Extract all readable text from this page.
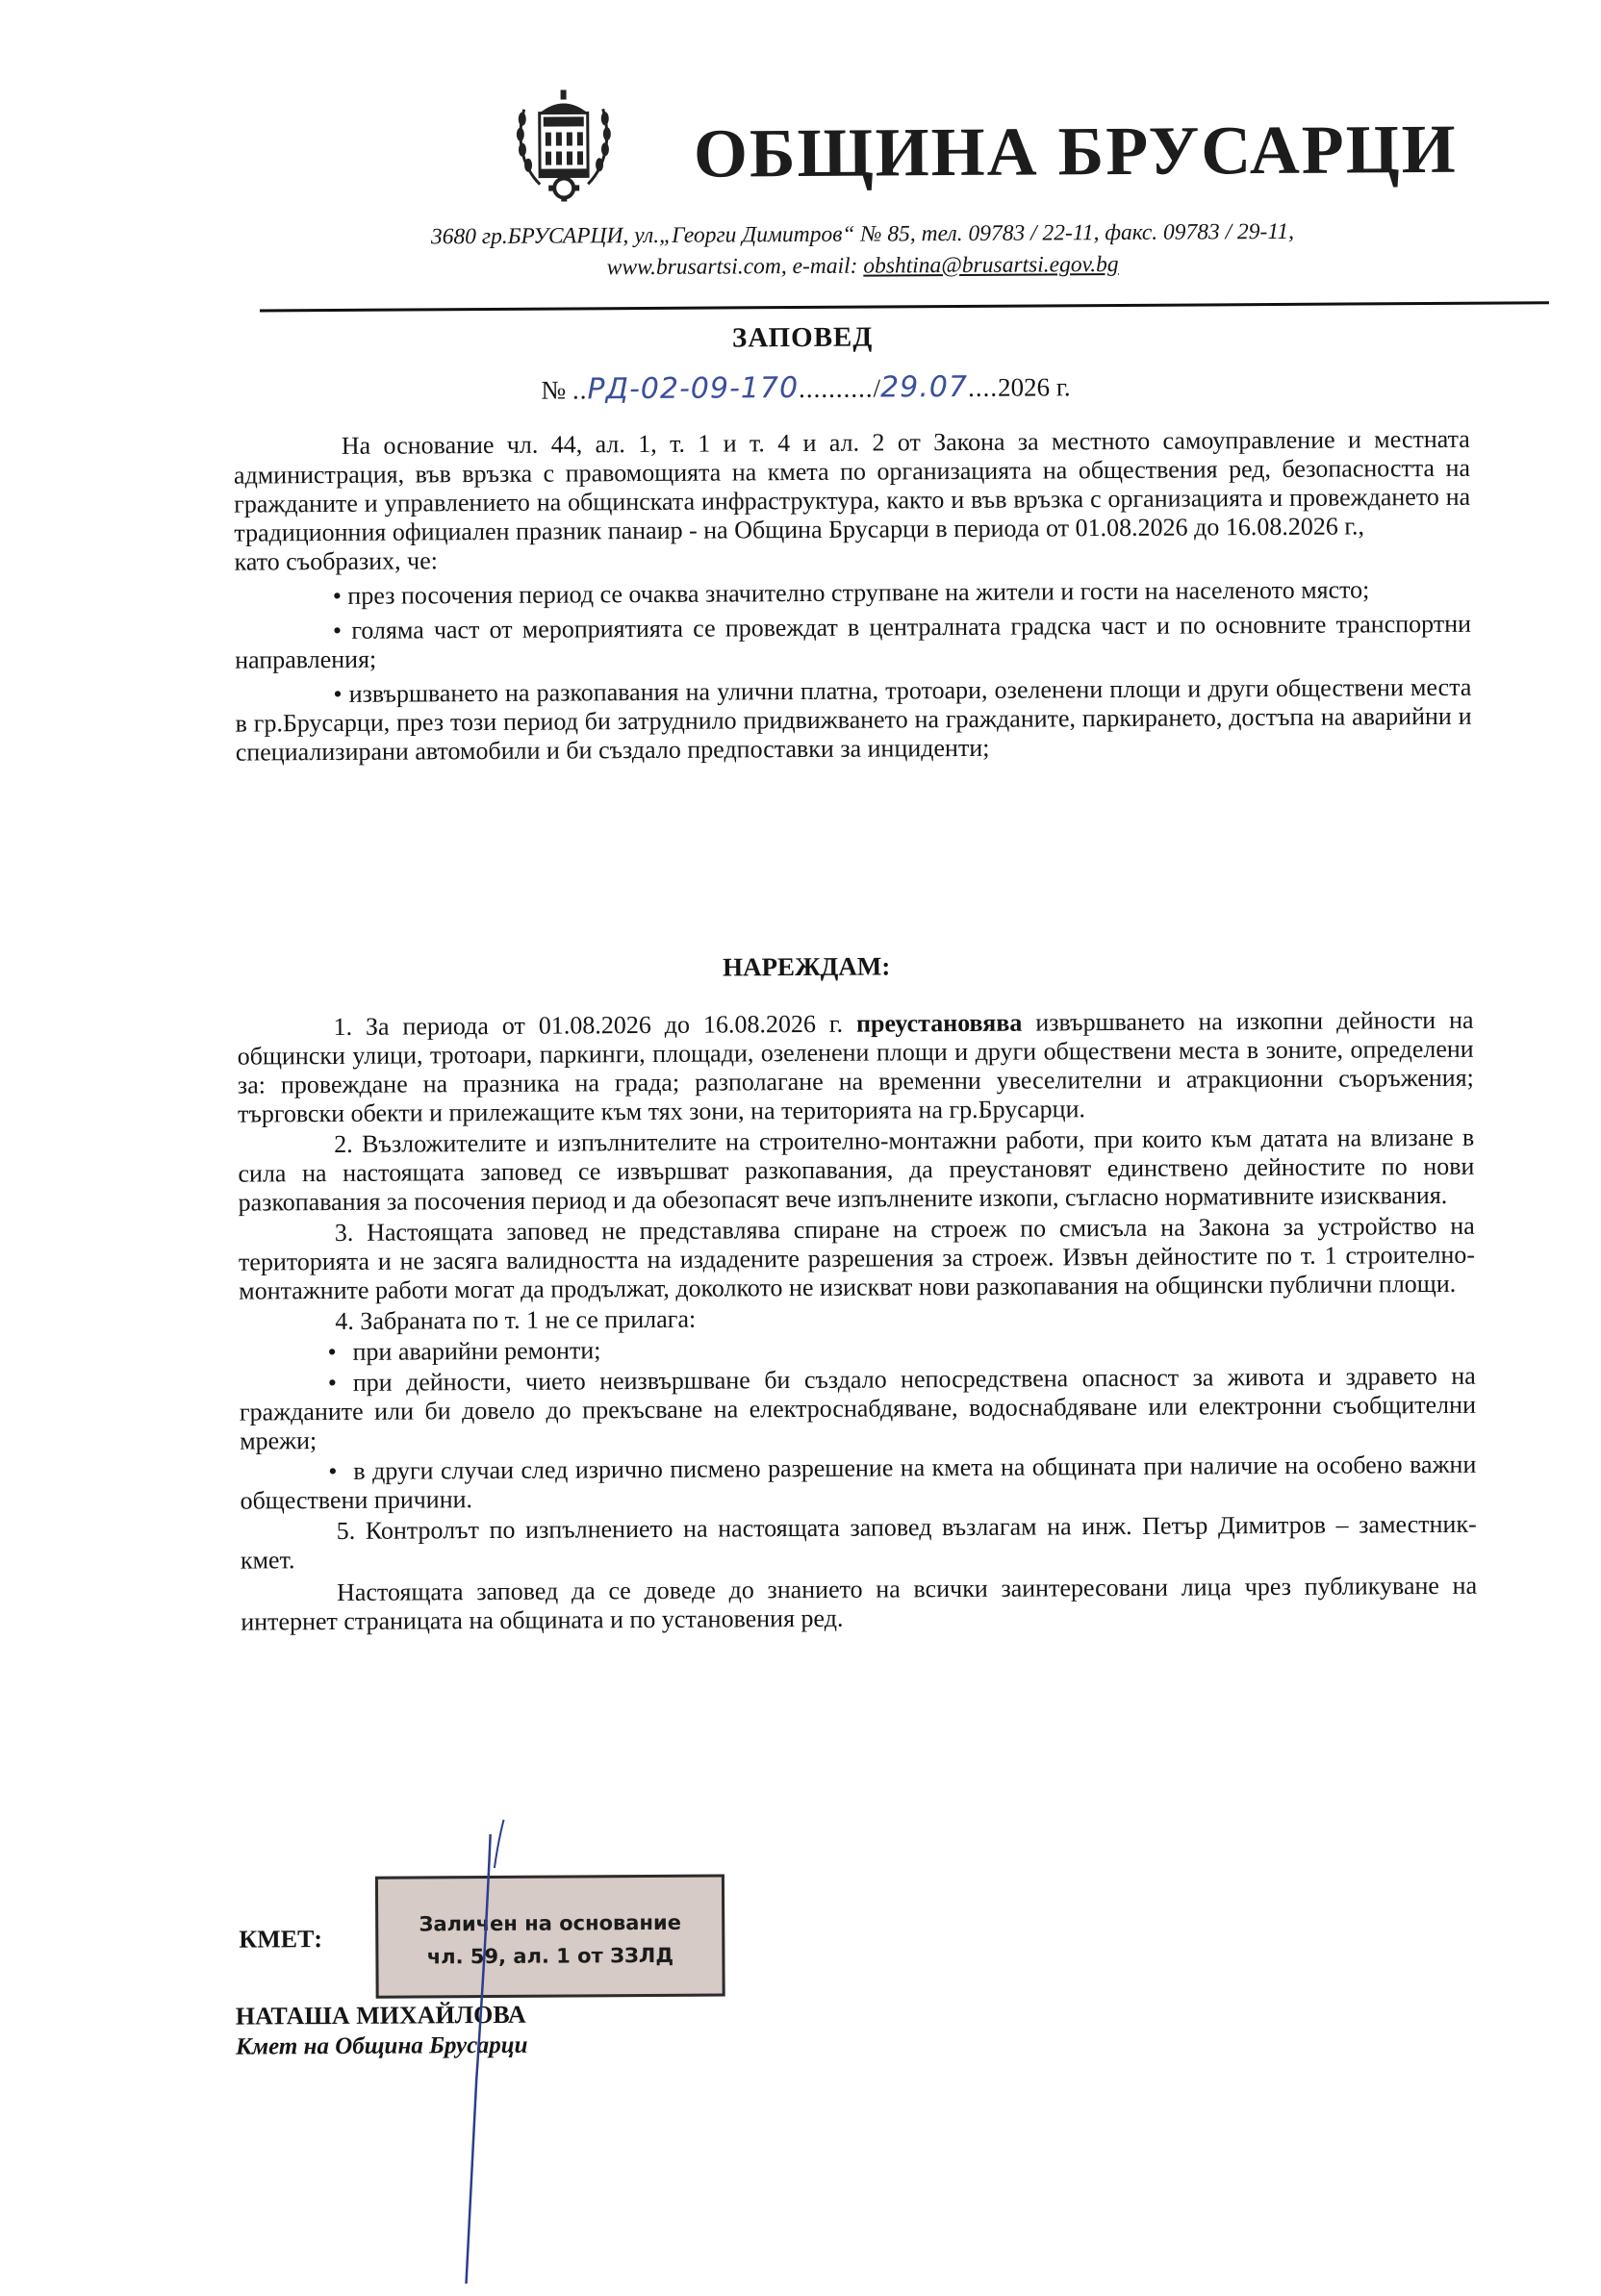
ОБЩИНА БРУСАРЦИ
3680 гр.БРУСАРЦИ, ул.„Георги Димитров“ № 85, тел. 09783 / 22-11, факс. 09783 / 29-11,
www.brusartsi.com, e-mail: obshtina@brusartsi.egov.bg
ЗАПОВЕД
№ ..РД-02-09-170........../29.07....2026 г.

На основание чл. 44, ал. 1, т. 1 и т. 4 и ал. 2 от Закона за местното самоуправление и местната администрация, във връзка с правомощията на кмета по организацията на обществения ред, безопасността на гражданите и управлението на общинската инфраструктура, както и във връзка с организацията и провеждането на традиционния официален празник панаир - на Община Брусарци в периода от 01.08.2026 до 16.08.2026 г.,

като съобразих, че:

• през посочения период се очаква значително струпване на жители и гости на населеното място;

• голяма част от мероприятията се провеждат в централната градска част и по основните транспортни направления;

• извършването на разкопавания на улични платна, тротоари, озеленени площи и други обществени места в гр.Брусарци, през този период би затруднило придвижването на гражданите, паркирането, достъпа на аварийни и специализирани автомобили и би създало предпоставки за инциденти;

НАРЕЖДАМ:

1. За периода от 01.08.2026 до 16.08.2026 г. преустановява извършването на изкопни дейности на общински улици, тротоари, паркинги, площади, озеленени площи и други обществени места в зоните, определени за: провеждане на празника на града; разполагане на временни увеселителни и атракционни съоръжения; търговски обекти и прилежащите към тях зони, на територията на гр.Брусарци.

2. Възложителите и изпълнителите на строително-монтажни работи, при които към датата на влизане в сила на настоящата заповед се извършват разкопавания, да преустановят единствено дейностите по нови разкопавания за посочения период и да обезопасят вече изпълнените изкопи, съгласно нормативните изисквания.

3. Настоящата заповед не представлява спиране на строеж по смисъла на Закона за устройство на територията и не засяга валидността на издадените разрешения за строеж. Извън дейностите по т. 1 строително-монтажните работи могат да продължат, доколкото не изискват нови разкопавания на общински публични площи.

4. Забраната по т. 1 не се прилага:

• при аварийни ремонти;

• при дейности, чието неизвършване би създало непосредствена опасност за живота и здравето на гражданите или би довело до прекъсване на електроснабдяване, водоснабдяване или електронни съобщителни мрежи;

• в други случаи след изрично писмено разрешение на кмета на общината при наличие на особено важни обществени причини.

5. Контролът по изпълнението на настоящата заповед възлагам на инж. Петър Димитров – заместник-кмет.

Настоящата заповед да се доведе до знанието на всички заинтересовани лица чрез публикуване на интернет страницата на общината и по установения ред.

КМЕТ:
Заличен на основание
чл. 59, ал. 1 от ЗЗЛД
НАТАША МИХАЙЛОВА
Кмет на Община Брусарци
